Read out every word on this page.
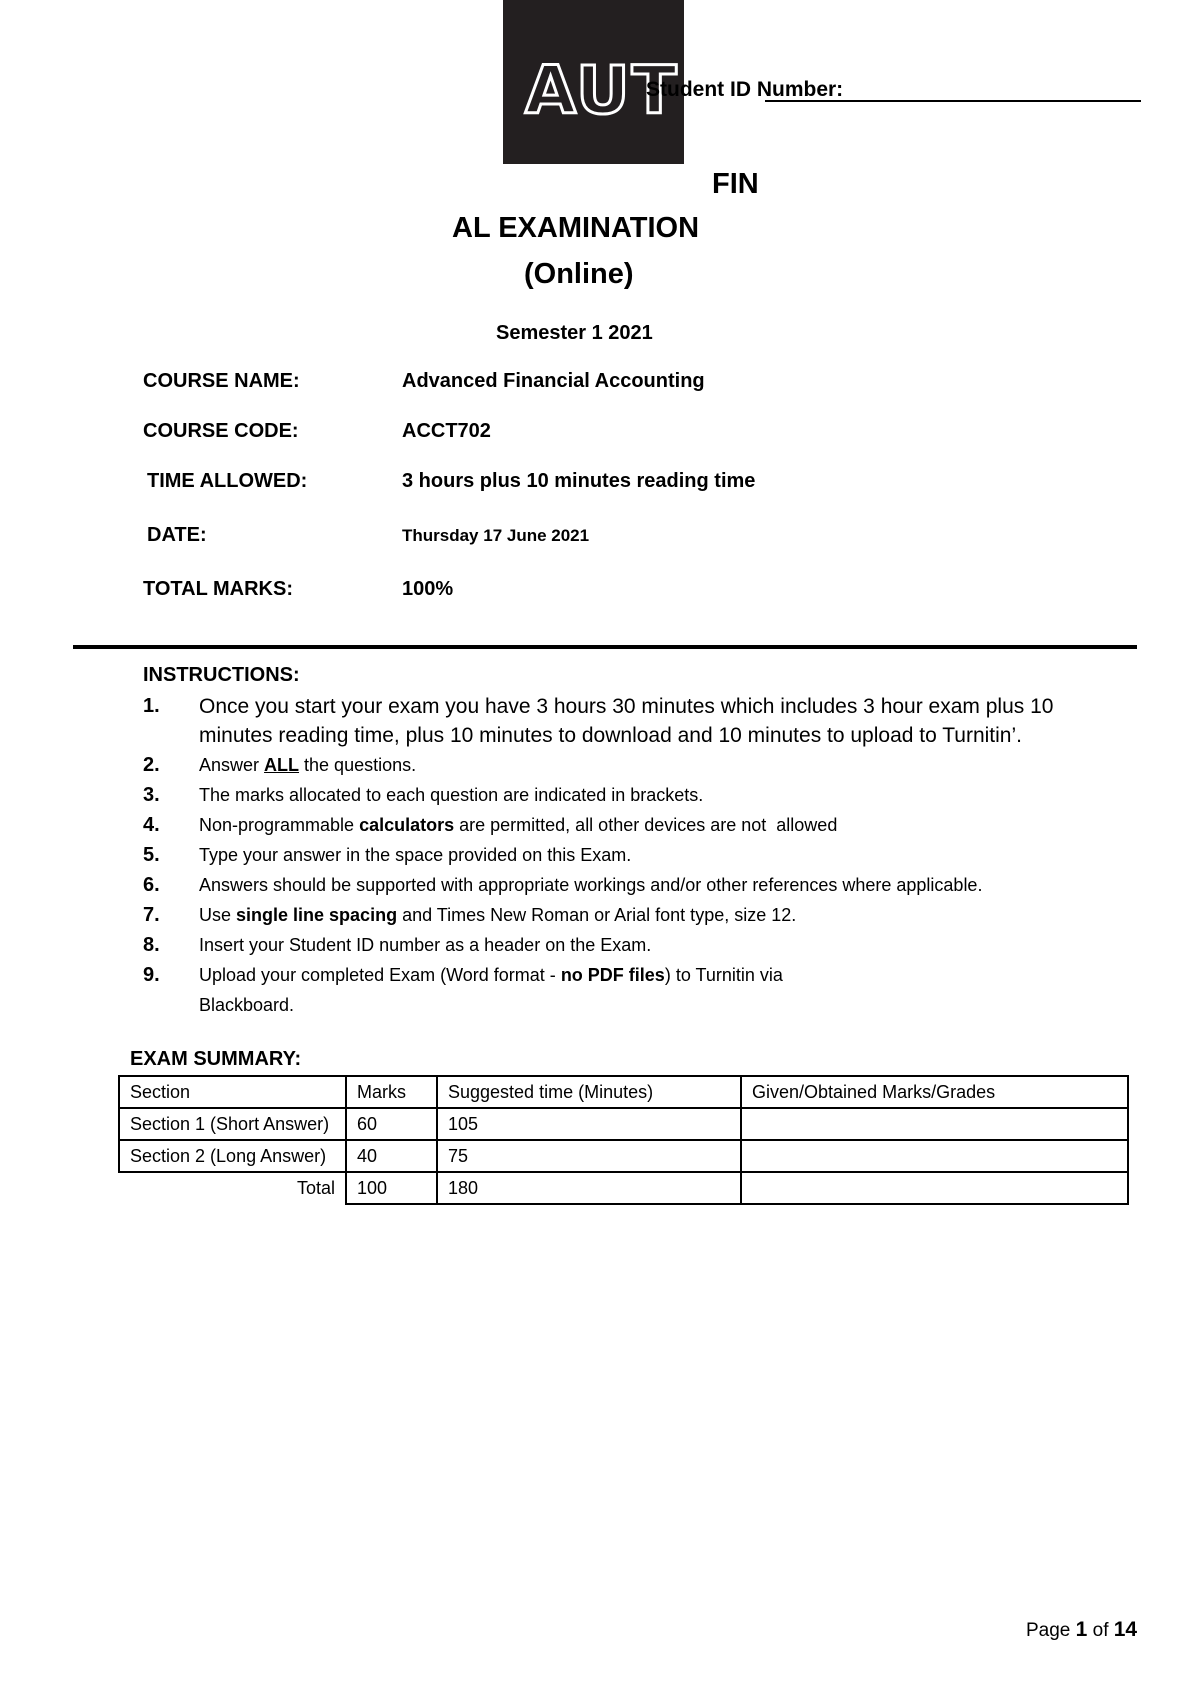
AUT
Student ID Number:
FIN
AL EXAMINATION
(Online)
Semester 1 2021
COURSE NAME:	Advanced Financial Accounting
COURSE CODE:	ACCT702
TIME ALLOWED:	3 hours plus 10 minutes reading time
DATE:	Thursday 17 June 2021
TOTAL MARKS:	100%
INSTRUCTIONS:
1. Once you start your exam you have 3 hours 30 minutes which includes 3 hour exam plus 10 minutes reading time, plus 10 minutes to download and 10 minutes to upload to Turnitin’.
2. Answer ALL the questions.
3. The marks allocated to each question are indicated in brackets.
4. Non-programmable calculators are permitted, all other devices are not  allowed
5. Type your answer in the space provided on this Exam.
6. Answers should be supported with appropriate workings and/or other references where applicable.
7. Use single line spacing and Times New Roman or Arial font type, size 12.
8. Insert your Student ID number as a header on the Exam.
9. Upload your completed Exam (Word format - no PDF files) to Turnitin via Blackboard.
EXAM SUMMARY:
Section	Marks	Suggested time (Minutes)	Given/Obtained Marks/Grades
Section 1 (Short Answer)	60	105	
Section 2 (Long Answer)	40	75	
Total	100	180	
Page 1 of 14
